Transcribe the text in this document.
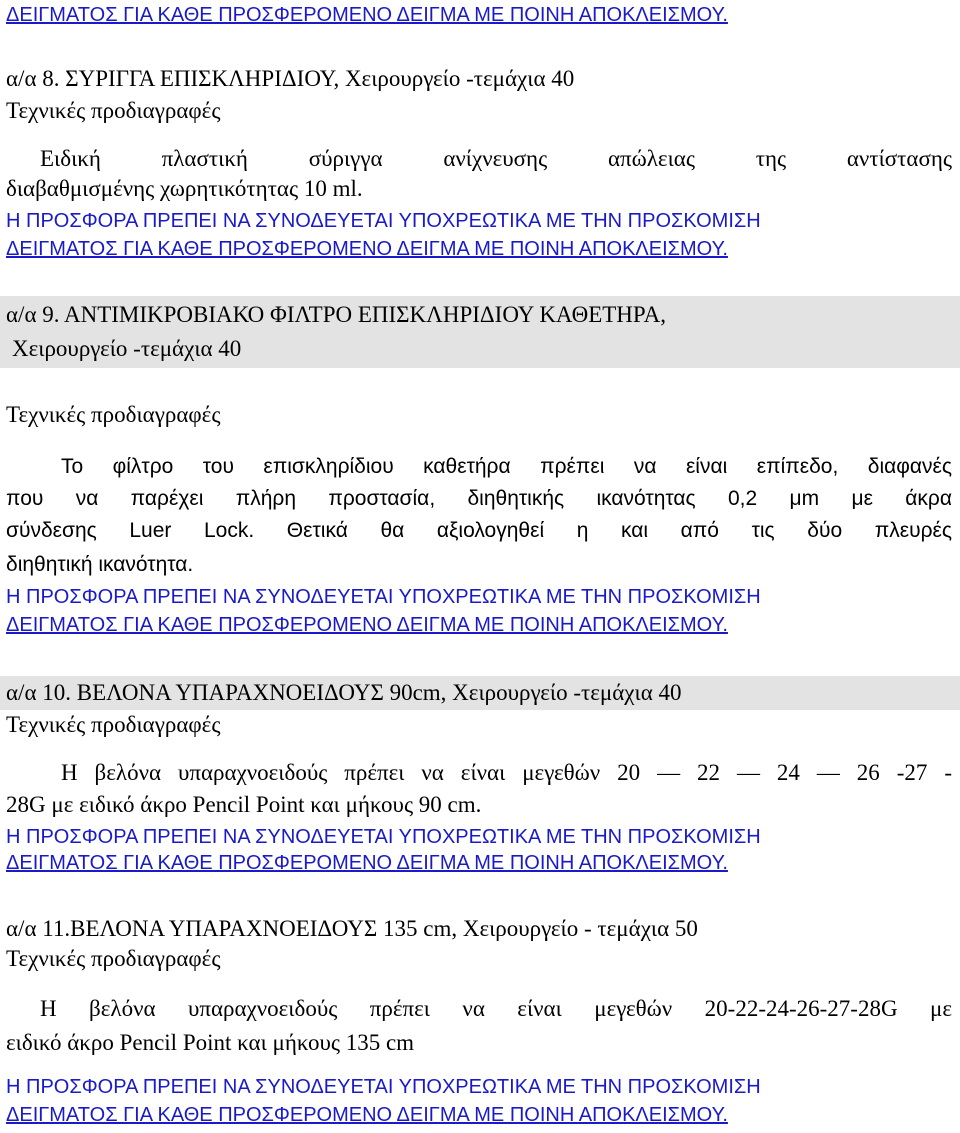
ΔΕΙΓΜΑΤΟΣ ΓΙΑ ΚΑΘΕ ΠΡΟΣΦΕΡΟΜΕΝΟ ΔΕΙΓΜΑ ΜΕ ΠΟΙΝΗ ΑΠΟΚΛΕΙΣΜΟΥ.
α/α 8. ΣΥΡΙΓΓΑ ΕΠΙΣΚΛΗΡΙΔΙΟΥ, Χειρουργείο -τεμάχια 40
Τεχνικές προδιαγραφές
Ειδική πλαστική σύριγγα ανίχνευσης απώλειας της αντίστασης
διαβαθμισμένης χωρητικότητας 10 ml.
Η ΠΡΟΣΦΟΡΑ ΠΡΕΠΕΙ ΝΑ ΣΥΝΟΔΕΥΕΤΑΙ ΥΠΟΧΡΕΩΤΙΚΑ ΜΕ ΤΗΝ ΠΡΟΣΚΟΜΙΣΗ
ΔΕΙΓΜΑΤΟΣ ΓΙΑ ΚΑΘΕ ΠΡΟΣΦΕΡΟΜΕΝΟ ΔΕΙΓΜΑ ΜΕ ΠΟΙΝΗ ΑΠΟΚΛΕΙΣΜΟΥ.
α/α 9. ΑΝΤΙΜΙΚΡΟΒΙΑΚΟ ΦΙΛΤΡΟ ΕΠΙΣΚΛΗΡΙΔΙΟΥ ΚΑΘΕΤΗΡΑ,
Χειρουργείο -τεμάχια 40
Τεχνικές προδιαγραφές
Το φίλτρο του επισκληρίδιου καθετήρα πρέπει να είναι επίπεδο, διαφανές
που να παρέχει πλήρη προστασία, διηθητικής ικανότητας 0,2 μm με άκρα
σύνδεσης Luer Lock. Θετικά θα αξιολογηθεί η και από τις δύο πλευρές
διηθητική ικανότητα.
Η ΠΡΟΣΦΟΡΑ ΠΡΕΠΕΙ ΝΑ ΣΥΝΟΔΕΥΕΤΑΙ ΥΠΟΧΡΕΩΤΙΚΑ ΜΕ ΤΗΝ ΠΡΟΣΚΟΜΙΣΗ
ΔΕΙΓΜΑΤΟΣ ΓΙΑ ΚΑΘΕ ΠΡΟΣΦΕΡΟΜΕΝΟ ΔΕΙΓΜΑ ΜΕ ΠΟΙΝΗ ΑΠΟΚΛΕΙΣΜΟΥ.
α/α 10. ΒΕΛΟΝΑ ΥΠΑΡΑΧΝΟΕΙΔΟΥΣ 90cm, Χειρουργείο -τεμάχια 40
Τεχνικές προδιαγραφές
Η βελόνα υπαραχνοειδούς πρέπει να είναι μεγεθών 20 — 22 — 24 — 26 -27 -
28G με ειδικό άκρο Pencil Point και μήκους 90 cm.
Η ΠΡΟΣΦΟΡΑ ΠΡΕΠΕΙ ΝΑ ΣΥΝΟΔΕΥΕΤΑΙ ΥΠΟΧΡΕΩΤΙΚΑ ΜΕ ΤΗΝ ΠΡΟΣΚΟΜΙΣΗ
ΔΕΙΓΜΑΤΟΣ ΓΙΑ ΚΑΘΕ ΠΡΟΣΦΕΡΟΜΕΝΟ ΔΕΙΓΜΑ ΜΕ ΠΟΙΝΗ ΑΠΟΚΛΕΙΣΜΟΥ.
α/α 11.ΒΕΛΟΝΑ ΥΠΑΡΑΧΝΟΕΙΔΟΥΣ 135 cm, Χειρουργείο - τεμάχια 50
Τεχνικές προδιαγραφές
Η βελόνα υπαραχνοειδούς πρέπει να είναι μεγεθών 20-22-24-26-27-28G με
ειδικό άκρο Pencil Point και μήκους 135 cm
Η ΠΡΟΣΦΟΡΑ ΠΡΕΠΕΙ ΝΑ ΣΥΝΟΔΕΥΕΤΑΙ ΥΠΟΧΡΕΩΤΙΚΑ ΜΕ ΤΗΝ ΠΡΟΣΚΟΜΙΣΗ
ΔΕΙΓΜΑΤΟΣ ΓΙΑ ΚΑΘΕ ΠΡΟΣΦΕΡΟΜΕΝΟ ΔΕΙΓΜΑ ΜΕ ΠΟΙΝΗ ΑΠΟΚΛΕΙΣΜΟΥ.
